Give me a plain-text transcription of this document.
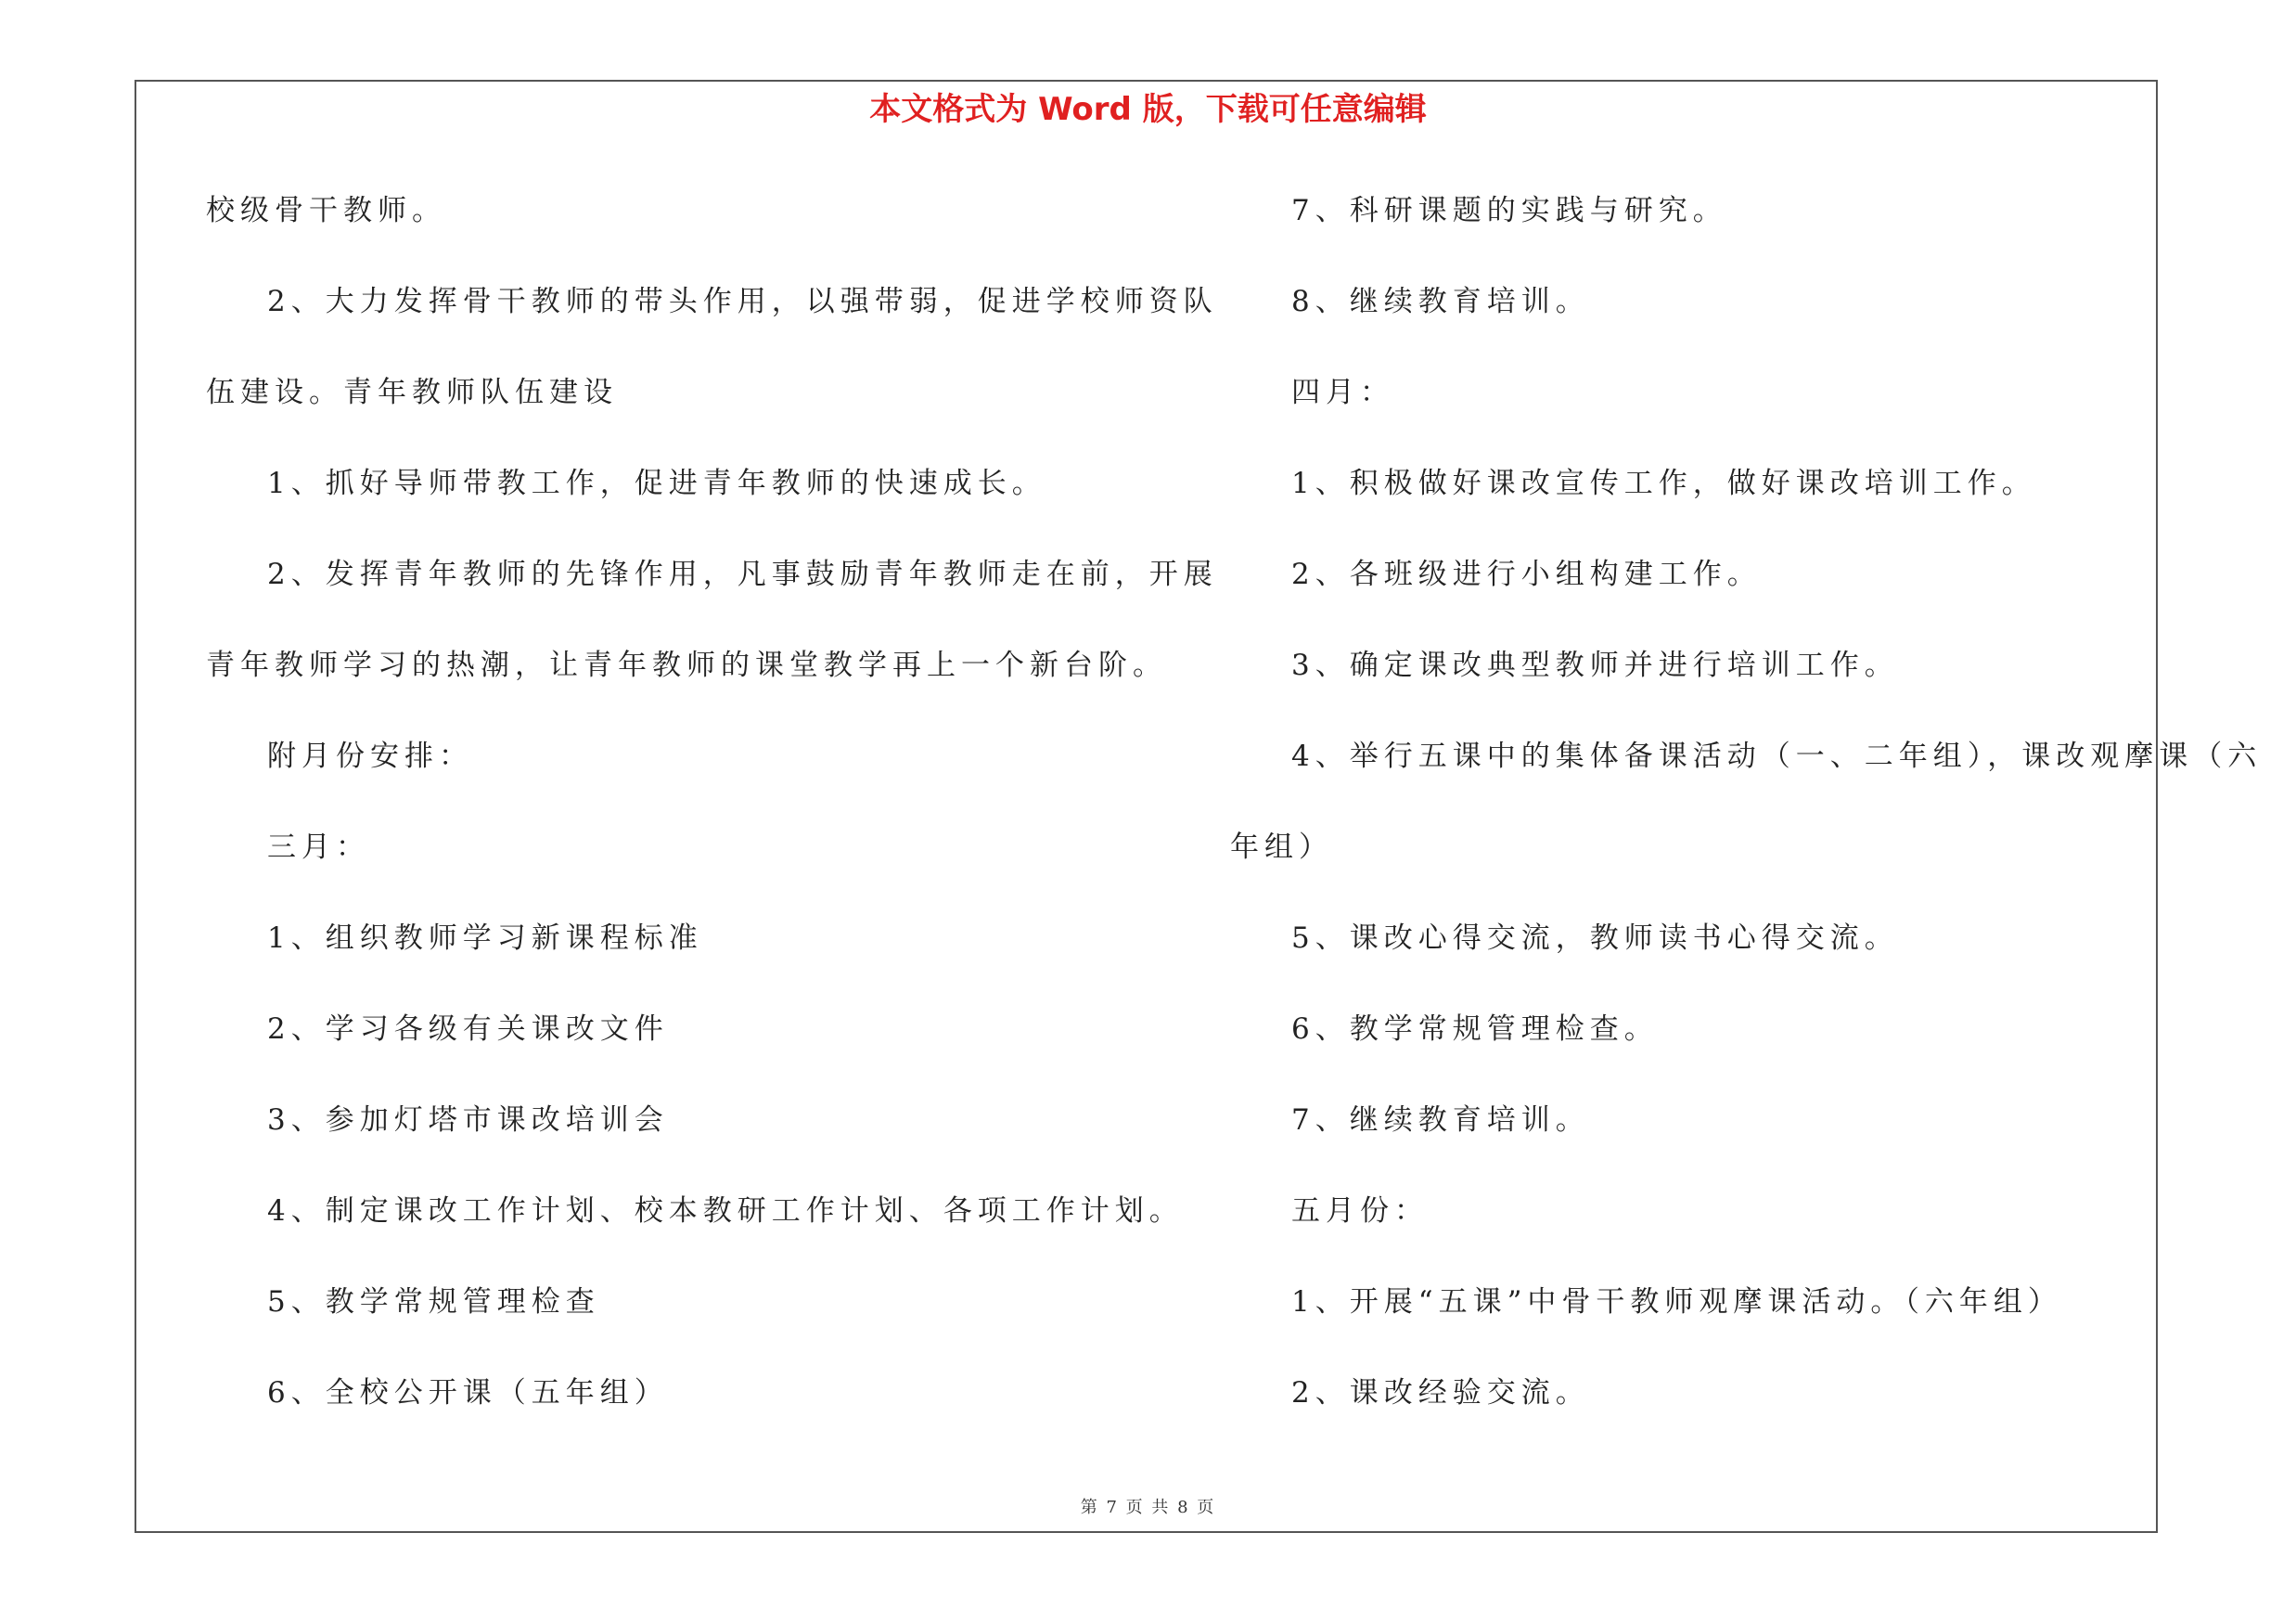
本文格式为 Word 版，下载可任意编辑
校级骨干教师。
2、大力发挥骨干教师的带头作用，以强带弱，促进学校师资队
伍建设。青年教师队伍建设
1、抓好导师带教工作，促进青年教师的快速成长。
2、发挥青年教师的先锋作用，凡事鼓励青年教师走在前，开展
青年教师学习的热潮，让青年教师的课堂教学再上一个新台阶。
附月份安排：
三月：
1、组织教师学习新课程标准
2、学习各级有关课改文件
3、参加灯塔市课改培训会
4、制定课改工作计划、校本教研工作计划、各项工作计划。
5、教学常规管理检查
6、全校公开课（五年组）
7、科研课题的实践与研究。
8、继续教育培训。
四月：
1、积极做好课改宣传工作，做好课改培训工作。
2、各班级进行小组构建工作。
3、确定课改典型教师并进行培训工作。
4、举行五课中的集体备课活动（一、二年组），课改观摩课（六
年组）
5、课改心得交流，教师读书心得交流。
6、教学常规管理检查。
7、继续教育培训。
五月份：
1、开展“五课”中骨干教师观摩课活动。（六年组）
2、课改经验交流。
第 7 页 共 8 页
